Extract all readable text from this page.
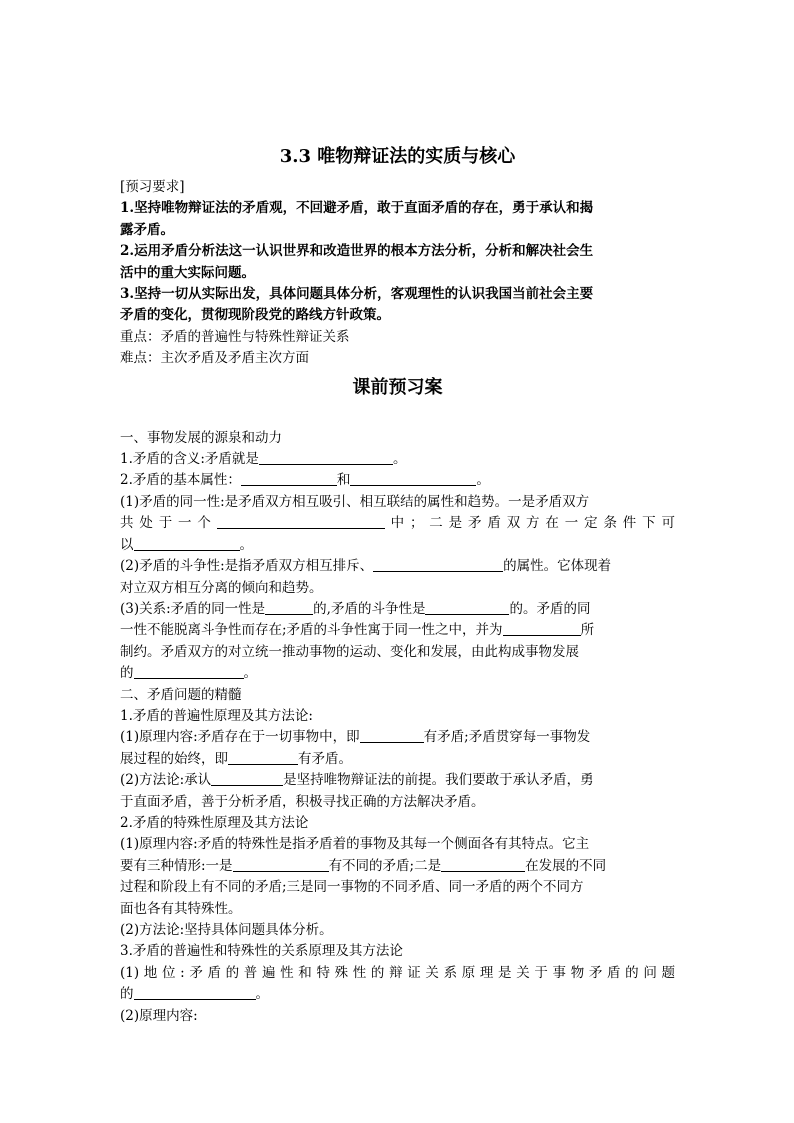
3.3 唯物辩证法的实质与核心
[预习要求]
1.坚持唯物辩证法的矛盾观，不回避矛盾，敢于直面矛盾的存在，勇于承认和揭
露矛盾。
2.运用矛盾分析法这一认识世界和改造世界的根本方法分析，分析和解决社会生
活中的重大实际问题。
3.坚持一切从实际出发，具体问题具体分析，客观理性的认识我国当前社会主要
矛盾的变化，贯彻现阶段党的路线方针政策。
重点：矛盾的普遍性与特殊性辩证关系
难点：主次矛盾及矛盾主次方面
课前预习案
一、事物发展的源泉和动力
1.矛盾的含义:矛盾就是	。
2.矛盾的基本属性：	和	。
(1)矛盾的同一性:是矛盾双方相互吸引、相互联结的属性和趋势。一是矛盾双方
共处于一个	中；二是矛盾双方在一定条件下可
以	。
(2)矛盾的斗争性:是指矛盾双方相互排斥、	的属性。它体现着
对立双方相互分离的倾向和趋势。
(3)关系:矛盾的同一性是	的,矛盾的斗争性是	的。矛盾的同
一性不能脱离斗争性而存在;矛盾的斗争性寓于同一性之中，并为	所
制约。矛盾双方的对立统一推动事物的运动、变化和发展，由此构成事物发展
的	。
二、矛盾问题的精髓
1.矛盾的普遍性原理及其方法论:
(1)原理内容:矛盾存在于一切事物中，即	有矛盾;矛盾贯穿每一事物发
展过程的始终，即	有矛盾。
(2)方法论:承认	是坚持唯物辩证法的前提。我们要敢于承认矛盾，勇
于直面矛盾，善于分析矛盾，积极寻找正确的方法解决矛盾。
2.矛盾的特殊性原理及其方法论
(1)原理内容:矛盾的特殊性是指矛盾着的事物及其每一个侧面各有其特点。它主
要有三种情形:一是	有不同的矛盾;二是	在发展的不同
过程和阶段上有不同的矛盾;三是同一事物的不同矛盾、同一矛盾的两个不同方
面也各有其特殊性。
(2)方法论:坚持具体问题具体分析。
3.矛盾的普遍性和特殊性的关系原理及其方法论
(1)地位:矛盾的普遍性和特殊性的辩证关系原理是关于事物矛盾的问题
的	。
(2)原理内容:
